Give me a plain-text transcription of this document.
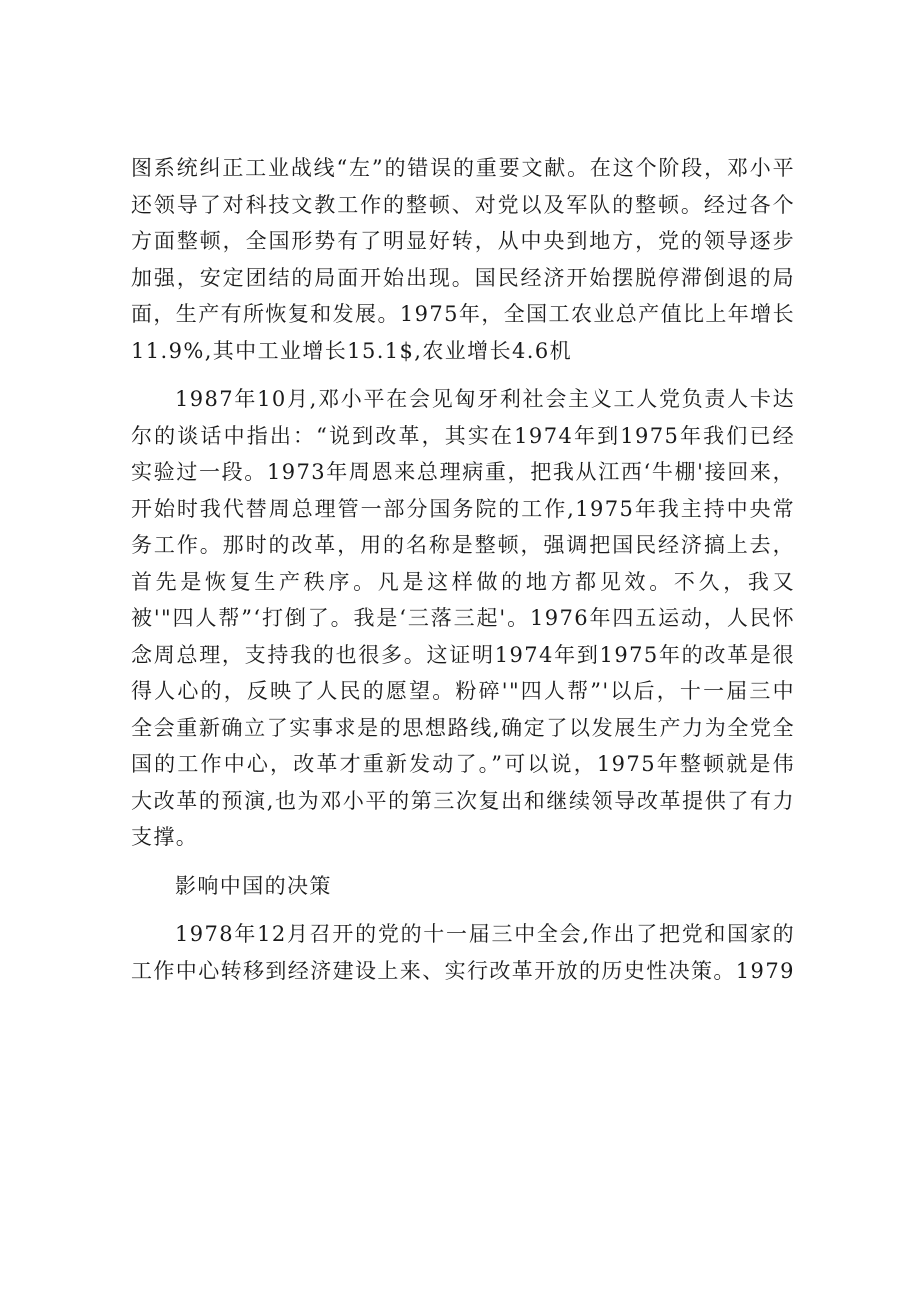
图系统纠正工业战线“左”的错误的重要文献。在这个阶段，邓小平还领导了对科技文教工作的整顿、对党以及军队的整顿。经过各个方面整顿，全国形势有了明显好转，从中央到地方，党的领导逐步加强，安定团结的局面开始出现。国民经济开始摆脱停滞倒退的局面，生产有所恢复和发展。1975年，全国工农业总产值比上年增长11.9%,其中工业增长15.1$,农业增长4.6机

1987年10月,邓小平在会见匈牙利社会主义工人党负责人卡达尔的谈话中指出：“说到改革，其实在1974年到1975年我们已经实验过一段。1973年周恩来总理病重，把我从江西‘牛棚'接回来，开始时我代替周总理管一部分国务院的工作,1975年我主持中央常务工作。那时的改革，用的名称是整顿，强调把国民经济搞上去，首先是恢复生产秩序。凡是这样做的地方都见效。不久，我又被'"四人帮”‘打倒了。我是‘三落三起'。1976年四五运动，人民怀念周总理，支持我的也很多。这证明1974年到1975年的改革是很得人心的，反映了人民的愿望。粉碎'"四人帮”'以后，十一届三中全会重新确立了实事求是的思想路线,确定了以发展生产力为全党全国的工作中心，改革才重新发动了。”可以说，1975年整顿就是伟大改革的预演,也为邓小平的第三次复出和继续领导改革提供了有力支撑。

影响中国的决策

1978年12月召开的党的十一届三中全会,作出了把党和国家的工作中心转移到经济建设上来、实行改革开放的历史性决策。1979
